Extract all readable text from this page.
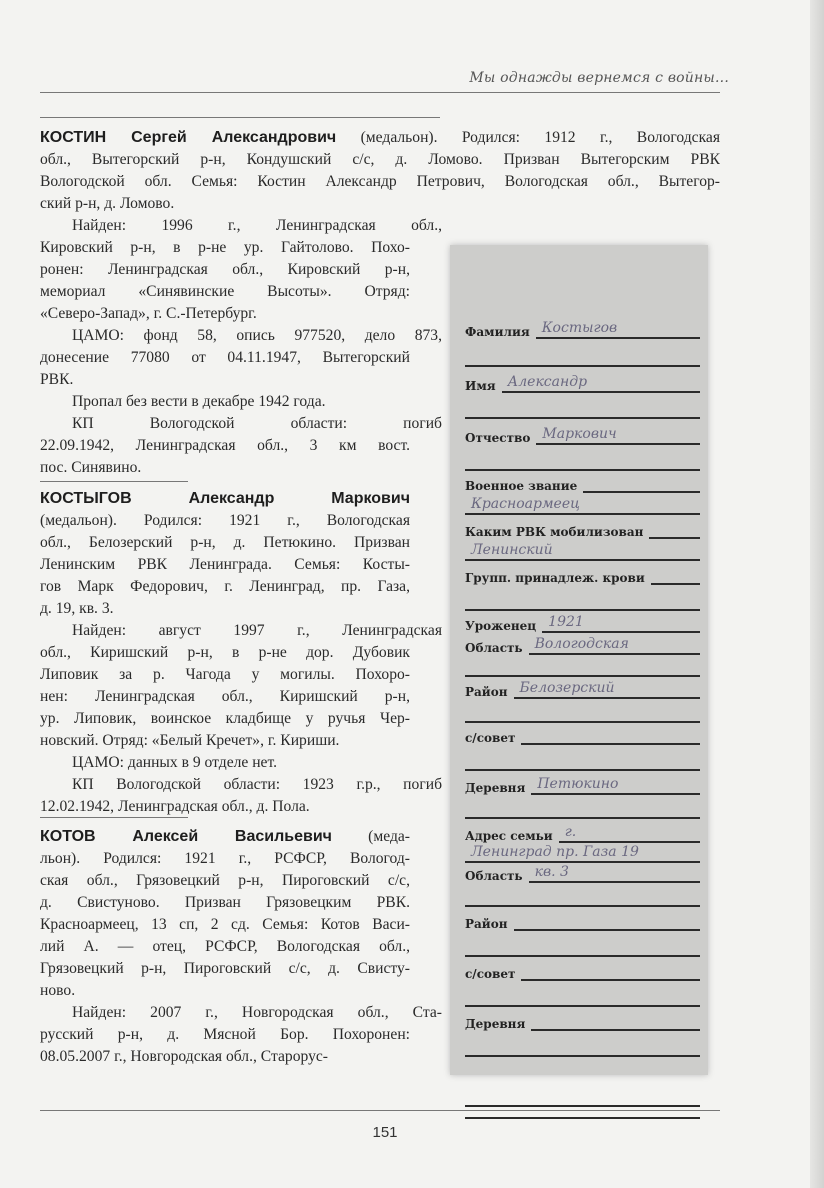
Мы однажды вернемся с войны...
КОСТИН Сергей Александрович (медальон). Родился: 1912 г., Вологодская
обл., Вытегорский р-н, Кондушский с/с, д. Ломово. Призван Вытегорским РВК
Вологодской обл. Семья: Костин Александр Петрович, Вологодская обл., Вытегор-
ский р-н, д. Ломово.
Найден: 1996 г., Ленинградская обл.,
Кировский р-н, в р-не ур. Гайтолово. Похо-
ронен: Ленинградская обл., Кировский р-н,
мемориал «Синявинские Высоты». Отряд:
«Северо-Запад», г. С.-Петербург.
ЦАМО: фонд 58, опись 977520, дело 873,
донесение 77080 от 04.11.1947, Вытегорский
РВК.
Пропал без вести в декабре 1942 года.
КП Вологодской области: погиб
22.09.1942, Ленинградская обл., 3 км вост.
пос. Синявино.
КОСТЫГОВ Александр Маркович
(медальон). Родился: 1921 г., Вологодская
обл., Белозерский р-н, д. Петюкино. Призван
Ленинским РВК Ленинграда. Семья: Косты-
гов Марк Федорович, г. Ленинград, пр. Газа,
д. 19, кв. 3.
Найден: август 1997 г., Ленинградская
обл., Киришский р-н, в р-не дор. Дубовик
Липовик за р. Чагода у могилы. Похоро-
нен: Ленинградская обл., Киришский р-н,
ур. Липовик, воинское кладбище у ручья Чер-
новский. Отряд: «Белый Кречет», г. Кириши.
ЦАМО: данных в 9 отделе нет.
КП Вологодской области: 1923 г.р., погиб
12.02.1942, Ленинградская обл., д. Пола.
КОТОВ Алексей Васильевич (меда-
льон). Родился: 1921 г., РСФСР, Вологод-
ская обл., Грязовецкий р-н, Пироговский с/с,
д. Свистуново. Призван Грязовецким РВК.
Красноармеец, 13 сп, 2 сд. Семья: Котов Васи-
лий А. — отец, РСФСР, Вологодская обл.,
Грязовецкий р-н, Пироговский с/с, д. Свисту-
ново.
Найден: 2007 г., Новгородская обл., Ста-
русский р-н, д. Мясной Бор. Похоронен:
08.05.2007 г., Новгородская обл., Старорус-
Фамилия Костыгов
Имя Александр
Отчество Маркович
Военное звание
Красноармеец
Каким РВК мобилизован
Ленинский
Групп. принадлеж. крови
Уроженец 1921
Область Вологодская
Район Белозерский
с/совет
Деревня Петюкино
Адрес семьи г.
Ленинград пр. Газа 19
Область кв. 3
Район
с/совет
Деревня
151
